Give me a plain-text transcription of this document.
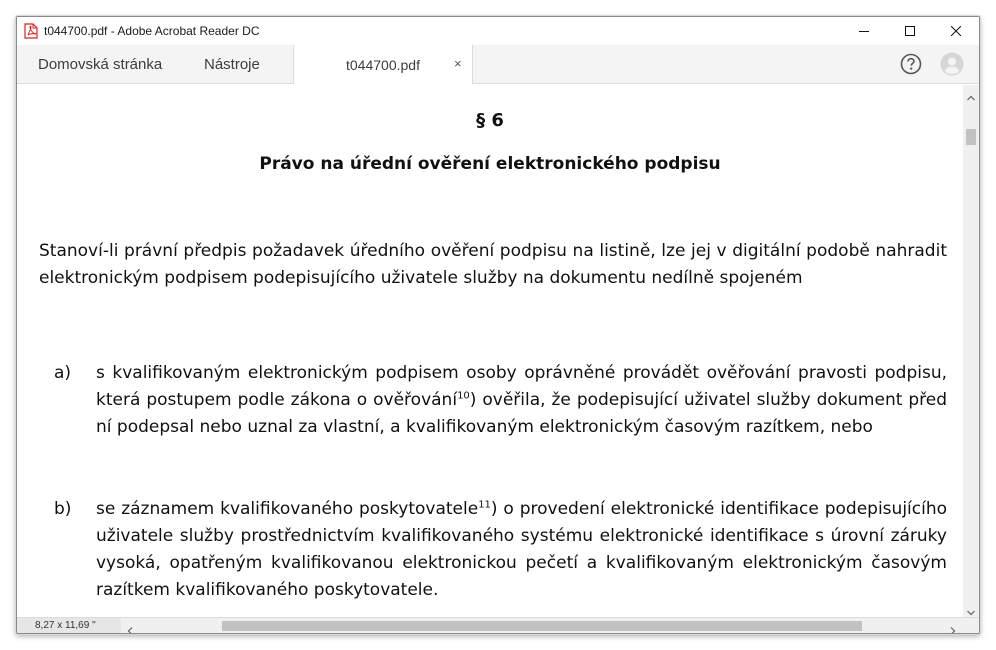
t044700.pdf - Adobe Acrobat Reader DC
Domovská stránka	Nástroje	t044700.pdf	×
§ 6
Právo na úřední ověření elektronického podpisu

Stanoví-li právní předpis požadavek úředního ověření podpisu na listině, lze jej v digitální podobě nahradit elektronickým podpisem podepisujícího uživatele služby na dokumentu nedílně spojeném

a) s kvalifikovaným elektronickým podpisem osoby oprávněné provádět ověřování pravosti podpisu, která postupem podle zákona o ověřování$^{10}$) ověřila, že podepisující uživatel služby dokument před ní podepsal nebo uznal za vlastní, a kvalifikovaným elektronickým časovým razítkem, nebo
b) se záznamem kvalifikovaného poskytovatele$^{11}$) o provedení elektronické identifikace podepisujícího uživatele služby prostřednictvím kvalifikovaného systému elektronické identifikace s úrovní záruky vysoká, opatřeným kvalifikovanou elektronickou pečetí a kvalifikovaným elektronickým časovým razítkem kvalifikovaného poskytovatele.
8,27 x 11,69 "
